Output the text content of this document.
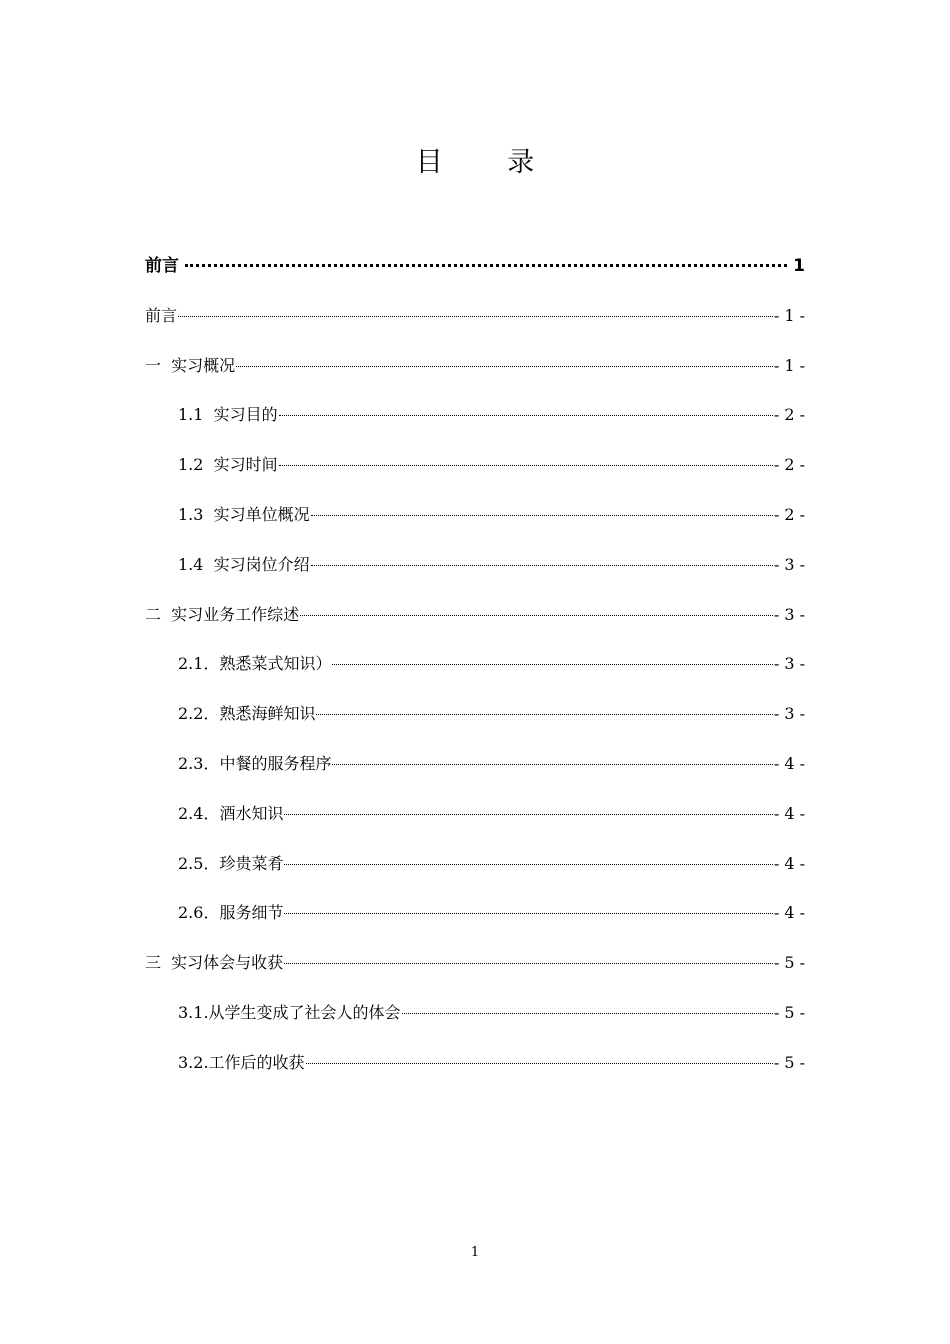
目 录
前言	1
前言	- 1 -
一  实习概况	- 1 -
1.1  实习目的	- 2 -
1.2  实习时间	- 2 -
1.3  实习单位概况	- 2 -
1.4  实习岗位介绍	- 3 -
二  实习业务工作综述	- 3 -
2.1．熟悉菜式知识）	- 3 -
2.2．熟悉海鲜知识	- 3 -
2.3．中餐的服务程序	- 4 -
2.4．酒水知识	- 4 -
2.5．珍贵菜肴	- 4 -
2.6．服务细节	- 4 -
三  实习体会与收获	- 5 -
3.1.从学生变成了社会人的体会	- 5 -
3.2.工作后的收获	- 5 -
1
